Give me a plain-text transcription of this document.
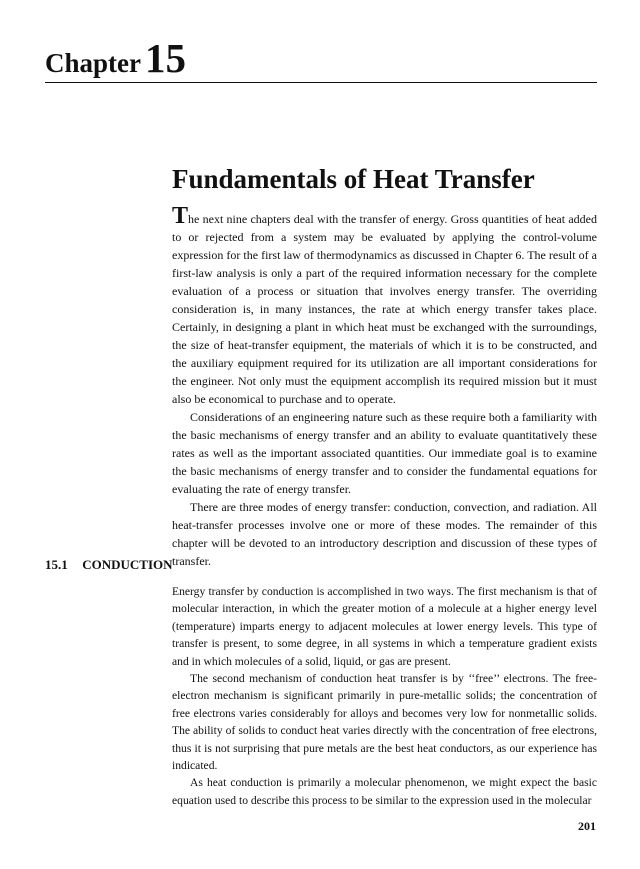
Chapter15
Fundamentals of Heat Transfer

The next nine chapters deal with the transfer of energy. Gross quantities of heat added to or rejected from a system may be evaluated by applying the control-volume expression for the first law of thermodynamics as discussed in Chapter 6. The result of a first-law analysis is only a part of the required information necessary for the complete evaluation of a process or situation that involves energy transfer. The overriding consideration is, in many instances, the rate at which energy transfer takes place. Certainly, in designing a plant in which heat must be exchanged with the surroundings, the size of heat-transfer equipment, the materials of which it is to be constructed, and the auxiliary equipment required for its utilization are all important considerations for the engineer. Not only must the equipment accomplish its required mission but it must also be economical to purchase and to operate.

Considerations of an engineering nature such as these require both a familiarity with the basic mechanisms of energy transfer and an ability to evaluate quantitatively these rates as well as the important associated quantities. Our immediate goal is to examine the basic mechanisms of energy transfer and to consider the fundamental equations for evaluating the rate of energy transfer.

There are three modes of energy transfer: conduction, convection, and radiation. All heat-transfer processes involve one or more of these modes. The remainder of this chapter will be devoted to an introductory description and discussion of these types of transfer.

15.1 CONDUCTION

Energy transfer by conduction is accomplished in two ways. The first mechanism is that of molecular interaction, in which the greater motion of a molecule at a higher energy level (temperature) imparts energy to adjacent molecules at lower energy levels. This type of transfer is present, to some degree, in all systems in which a temperature gradient exists and in which molecules of a solid, liquid, or gas are present.

The second mechanism of conduction heat transfer is by ‘‘free’’ electrons. The free-electron mechanism is significant primarily in pure-metallic solids; the concentration of free electrons varies considerably for alloys and becomes very low for nonmetallic solids. The ability of solids to conduct heat varies directly with the concentration of free electrons, thus it is not surprising that pure metals are the best heat conductors, as our experience has indicated.

As heat conduction is primarily a molecular phenomenon, we might expect the basic equation used to describe this process to be similar to the expression used in the molecular

201
